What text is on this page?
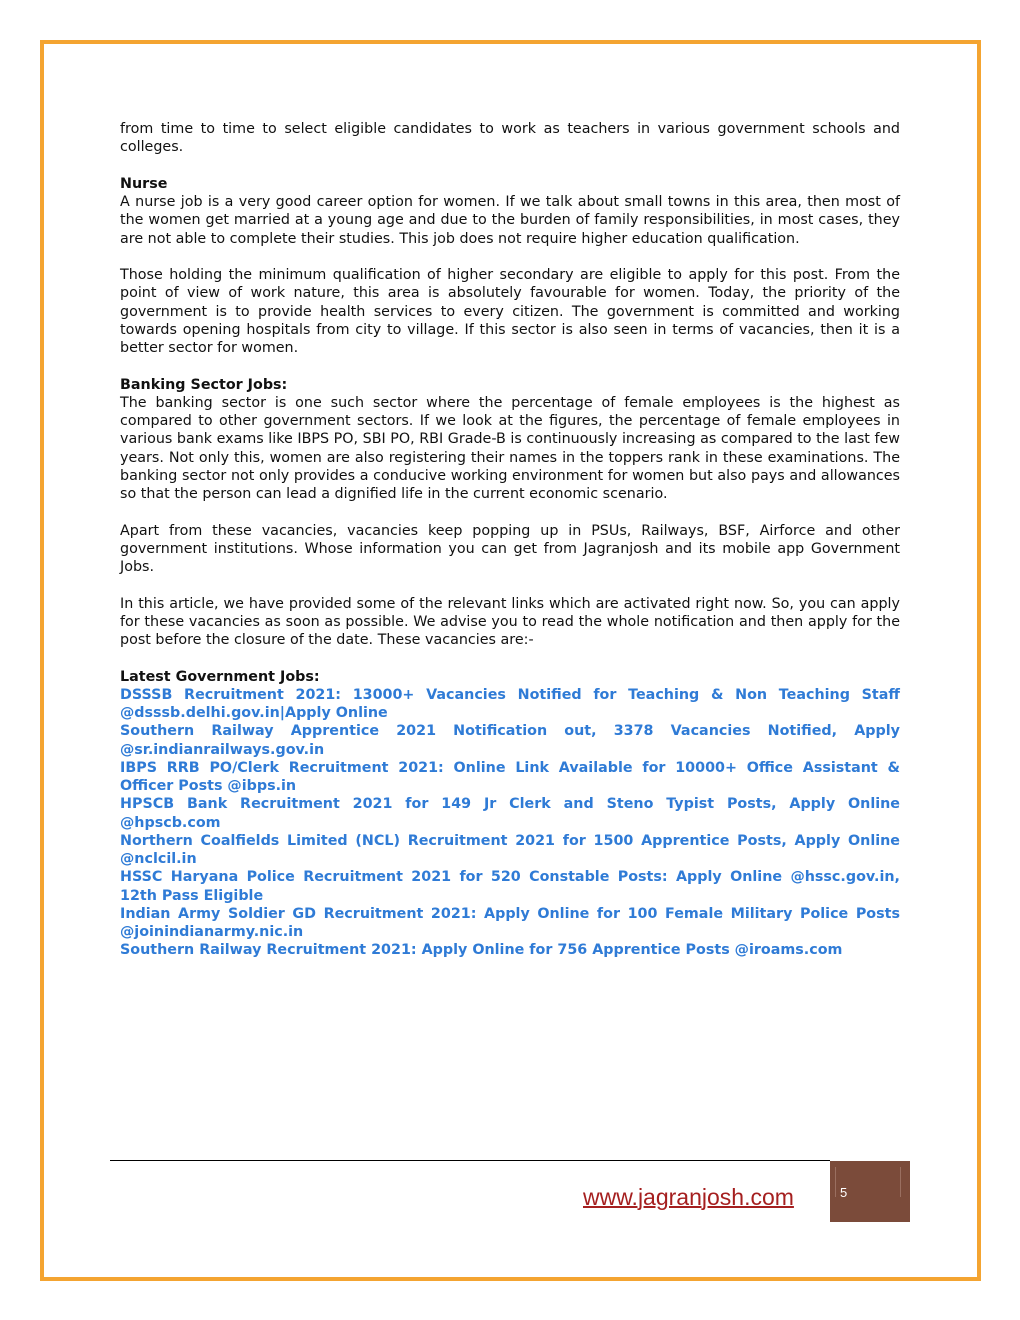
from time to time to select eligible candidates to work as teachers in various government schools and colleges.

Nurse
A nurse job is a very good career option for women. If we talk about small towns in this area, then most of the women get married at a young age and due to the burden of family responsibilities, in most cases, they are not able to complete their studies. This job does not require higher education qualification.

Those holding the minimum qualification of higher secondary are eligible to apply for this post. From the point of view of work nature, this area is absolutely favourable for women. Today, the priority of the government is to provide health services to every citizen. The government is committed and working towards opening hospitals from city to village. If this sector is also seen in terms of vacancies, then it is a better sector for women.

Banking Sector Jobs:
The banking sector is one such sector where the percentage of female employees is the highest as compared to other government sectors. If we look at the figures, the percentage of female employees in various bank exams like IBPS PO, SBI PO, RBI Grade-B is continuously increasing as compared to the last few years. Not only this, women are also registering their names in the toppers rank in these examinations. The banking sector not only provides a conducive working environment for women but also pays and allowances so that the person can lead a dignified life in the current economic scenario.

Apart from these vacancies, vacancies keep popping up in PSUs, Railways, BSF, Airforce and other government institutions. Whose information you can get from Jagranjosh and its mobile app Government Jobs.

In this article, we have provided some of the relevant links which are activated right now. So, you can apply for these vacancies as soon as possible. We advise you to read the whole notification and then apply for the post before the closure of the date. These vacancies are:-

Latest Government Jobs:
DSSSB Recruitment 2021: 13000+ Vacancies Notified for Teaching & Non Teaching Staff @dsssb.delhi.gov.in|Apply Online
Southern Railway Apprentice 2021 Notification out, 3378 Vacancies Notified, Apply @sr.indianrailways.gov.in
IBPS RRB PO/Clerk Recruitment 2021: Online Link Available for 10000+ Office Assistant & Officer Posts @ibps.in
HPSCB Bank Recruitment 2021 for 149 Jr Clerk and Steno Typist Posts, Apply Online @hpscb.com
Northern Coalfields Limited (NCL) Recruitment 2021 for 1500 Apprentice Posts, Apply Online @nclcil.in
HSSC Haryana Police Recruitment 2021 for 520 Constable Posts: Apply Online @hssc.gov.in, 12th Pass Eligible
Indian Army Soldier GD Recruitment 2021: Apply Online for 100 Female Military Police Posts @joinindianarmy.nic.in
Southern Railway Recruitment 2021: Apply Online for 756 Apprentice Posts @iroams.com
www.jagranjosh.com	5
